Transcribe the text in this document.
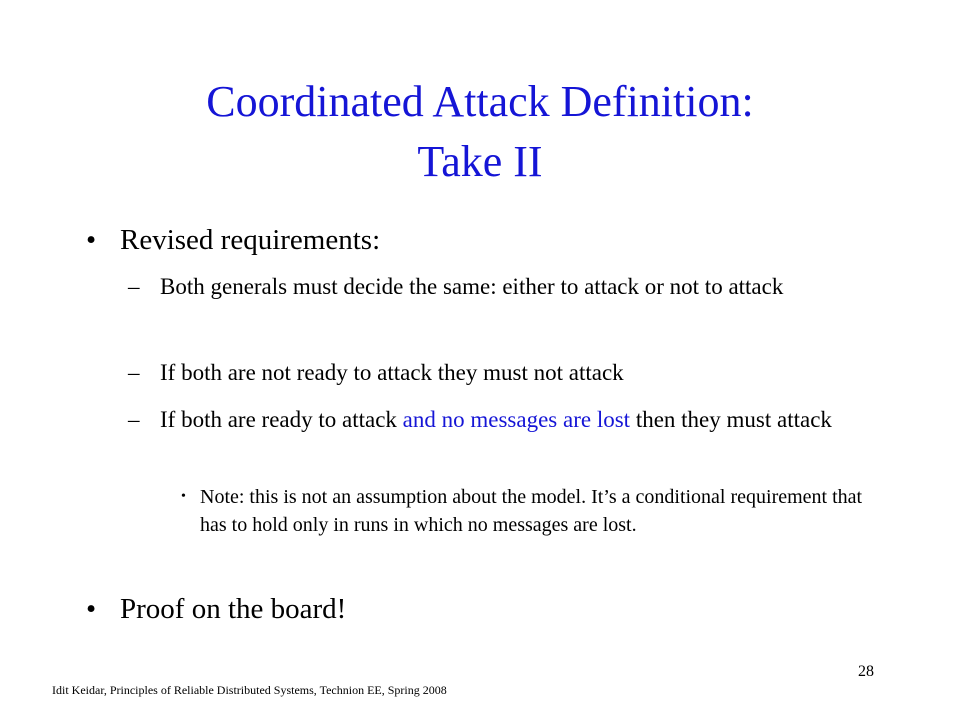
Coordinated Attack Definition:
Take II
• Revised requirements:
– Both generals must decide the same: either to attack or not to attack
– If both are not ready to attack they must not attack
– If both are ready to attack and no messages are lost then they must attack
• Note: this is not an assumption about the model. It’s a conditional requirement that has to hold only in runs in which no messages are lost.
• Proof on the board!
Idit Keidar, Principles of Reliable Distributed Systems, Technion EE, Spring 2008
28
